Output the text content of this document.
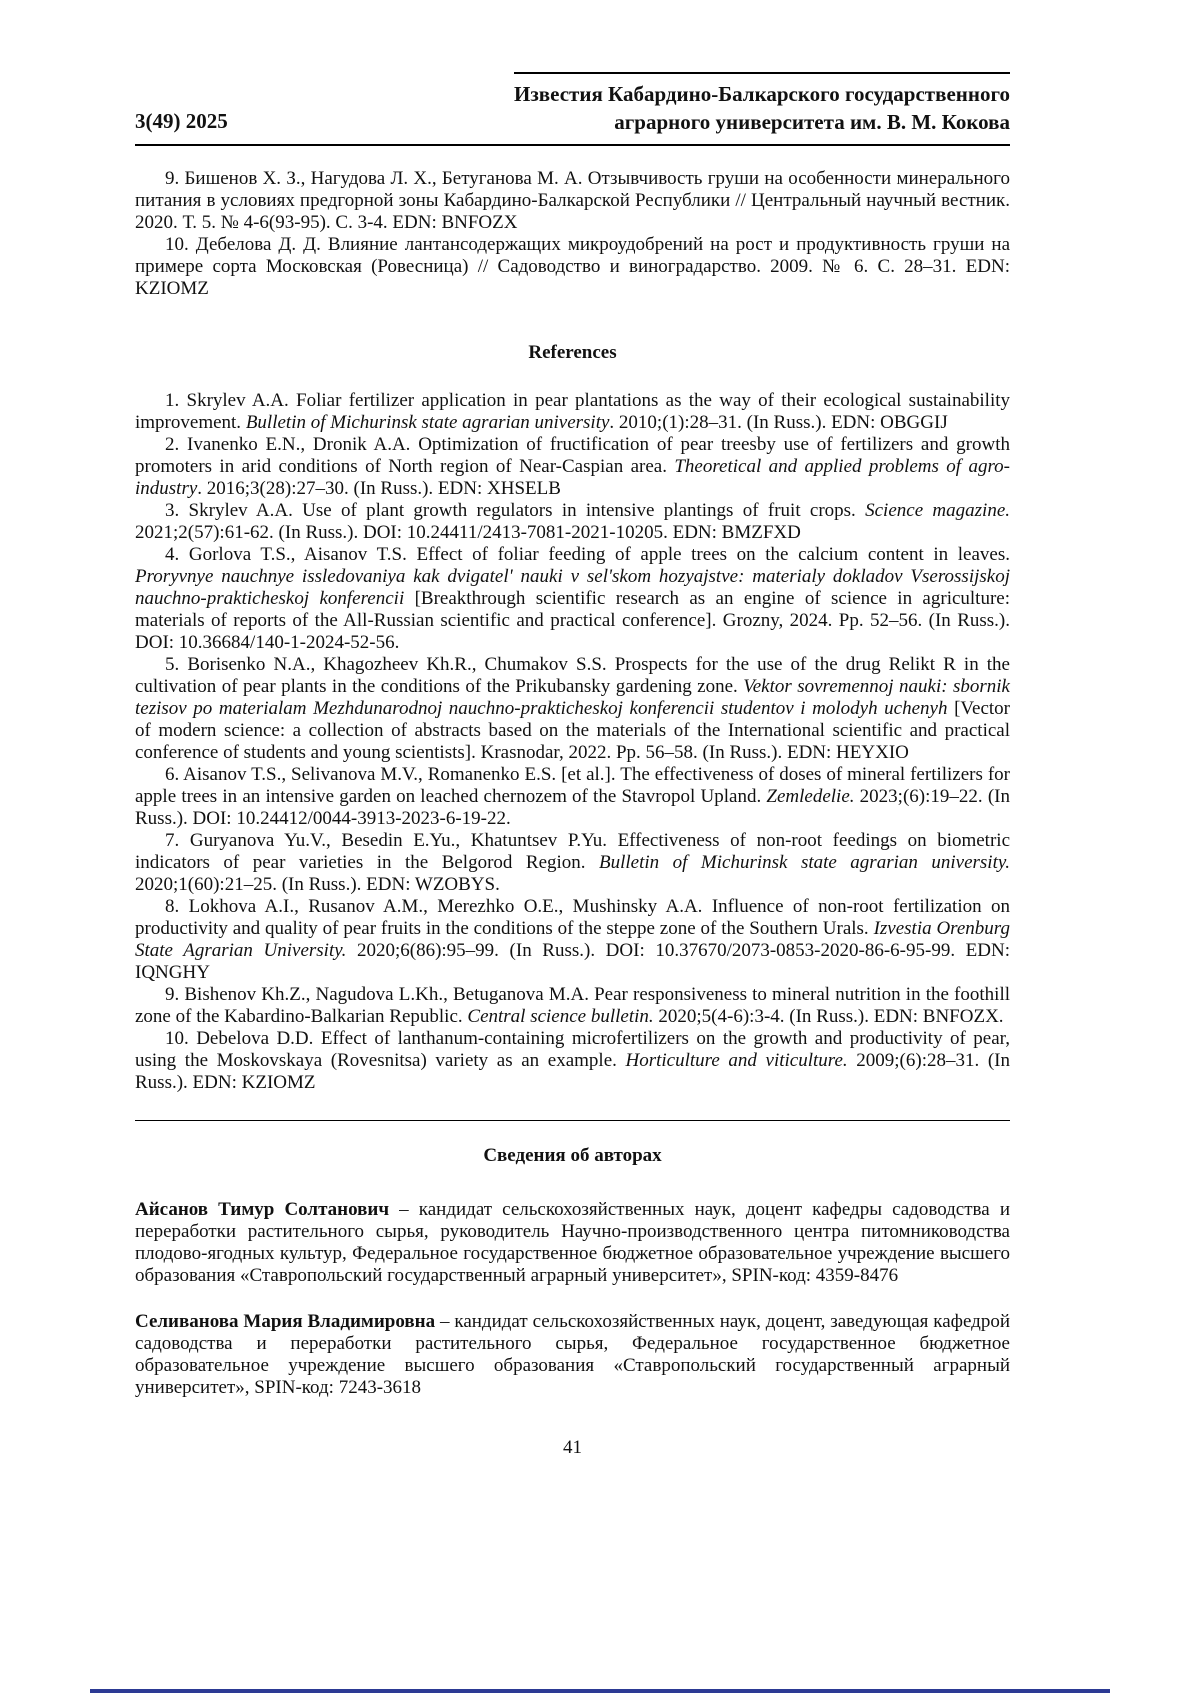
3(49) 2025
Известия Кабардино-Балкарского государственного
аграрного университета им. В. М. Кокова

9. Бишенов Х. З., Нагудова Л. Х., Бетуганова М. А. Отзывчивость груши на особенности минерального питания в условиях предгорной зоны Кабардино-Балкарской Республики // Центральный научный вестник. 2020. Т. 5. № 4-6(93-95). С. 3-4. EDN: BNFOZX

10. Дебелова Д. Д. Влияние лантансодержащих микроудобрений на рост и продуктивность груши на примере сорта Московская (Ровесница) // Садоводство и виноградарство. 2009. № 6. С. 28–31. EDN: KZIOMZ

References

1. Skrylev A.A. Foliar fertilizer application in pear plantations as the way of their ecological sustainability improvement. Bulletin of Michurinsk state agrarian university. 2010;(1):28–31. (In Russ.). EDN: OBGGIJ

2. Ivanenko E.N., Dronik A.A. Optimization of fructification of pear treesby use of fertilizers and growth promoters in arid conditions of North region of Near-Caspian area. Theoretical and applied problems of agro-industry. 2016;3(28):27–30. (In Russ.). EDN: XHSELB

3. Skrylev A.A. Use of plant growth regulators in intensive plantings of fruit crops. Science magazine. 2021;2(57):61-62. (In Russ.). DOI: 10.24411/2413-7081-2021-10205. EDN: BMZFXD

4. Gorlova T.S., Aisanov T.S. Effect of foliar feeding of apple trees on the calcium content in leaves. Proryvnye nauchnye issledovaniya kak dvigatel' nauki v sel'skom hozyajstve: materialy dokladov Vserossijskoj nauchno-prakticheskoj konferencii [Breakthrough scientific research as an engine of science in agriculture: materials of reports of the All-Russian scientific and practical conference]. Grozny, 2024. Pp. 52–56. (In Russ.). DOI: 10.36684/140-1-2024-52-56.

5. Borisenko N.A., Khagozheev Kh.R., Chumakov S.S. Prospects for the use of the drug Relikt R in the cultivation of pear plants in the conditions of the Prikubansky gardening zone. Vektor sovremennoj nauki: sbornik tezisov po materialam Mezhdunarodnoj nauchno-prakticheskoj konferencii studentov i molodyh uchenyh [Vector of modern science: a collection of abstracts based on the materials of the International scientific and practical conference of students and young scientists]. Krasnodar, 2022. Pp. 56–58. (In Russ.). EDN: HEYXIO

6. Aisanov T.S., Selivanova M.V., Romanenko E.S. [et al.]. The effectiveness of doses of mineral fertilizers for apple trees in an intensive garden on leached chernozem of the Stavropol Upland. Zemledelie. 2023;(6):19–22. (In Russ.). DOI: 10.24412/0044-3913-2023-6-19-22.

7. Guryanova Yu.V., Besedin E.Yu., Khatuntsev P.Yu. Effectiveness of non-root feedings on biometric indicators of pear varieties in the Belgorod Region. Bulletin of Michurinsk state agrarian university. 2020;1(60):21–25. (In Russ.). EDN: WZOBYS.

8. Lokhova A.I., Rusanov A.M., Merezhko O.E., Mushinsky A.A. Influence of non-root fertilization on productivity and quality of pear fruits in the conditions of the steppe zone of the Southern Urals. Izvestia Orenburg State Agrarian University. 2020;6(86):95–99. (In Russ.). DOI: 10.37670/2073-0853-2020-86-6-95-99. EDN: IQNGHY

9. Bishenov Kh.Z., Nagudova L.Kh., Betuganova M.A. Pear responsiveness to mineral nutrition in the foothill zone of the Kabardino-Balkarian Republic. Central science bulletin. 2020;5(4-6):3-4. (In Russ.). EDN: BNFOZX.

10. Debelova D.D. Effect of lanthanum-containing microfertilizers on the growth and productivity of pear, using the Moskovskaya (Rovesnitsa) variety as an example. Horticulture and viticulture. 2009;(6):28–31. (In Russ.). EDN: KZIOMZ

Сведения об авторах

Айсанов Тимур Солтанович – кандидат сельскохозяйственных наук, доцент кафедры садоводства и переработки растительного сырья, руководитель Научно-производственного центра питомниководства плодово-ягодных культур, Федеральное государственное бюджетное образовательное учреждение высшего образования «Ставропольский государственный аграрный университет», SPIN-код: 4359-8476

Селиванова Мария Владимировна – кандидат сельскохозяйственных наук, доцент, заведующая кафедрой садоводства и переработки растительного сырья, Федеральное государственное бюджетное образовательное учреждение высшего образования «Ставропольский государственный аграрный университет», SPIN-код: 7243-3618

41
